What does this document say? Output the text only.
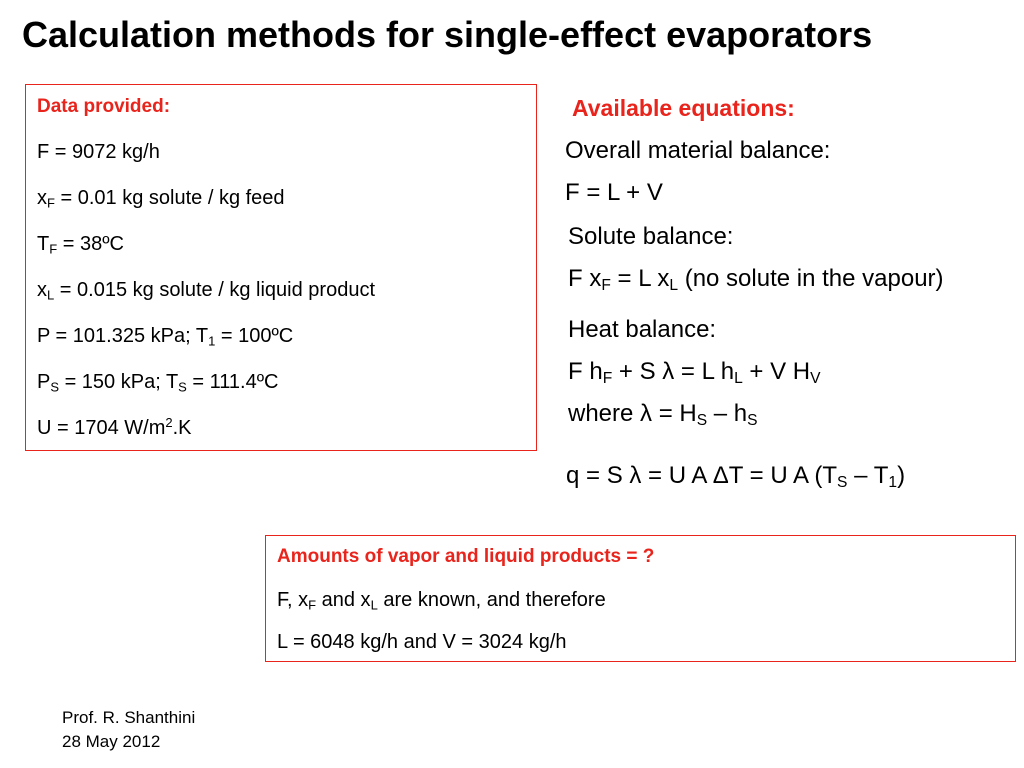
Calculation methods for single-effect evaporators
Data provided:
F = 9072 kg/h
$x_F = 0.01$ kg solute / kg feed
$T_F$ = 38ºC
$x_L = 0.015$ kg solute / kg liquid product
P = 101.325 kPa; $T_1$ = 100ºC
$P_S = 150$ kPa; $T_S$ = 111.4ºC
U = 1704 $W/m^2.K$
Available equations:
Overall material balance:
F = L + V
Solute balance:
F $x_F = L$ $x_L$ (no solute in the vapour)
Heat balance:
F $h_F + S$ λ = L $h_L + V$ $H_V$
where $\lambda = H_S - h_S$
q = S λ = U A ΔT = U A $(T_S - T_1)$
Amounts of vapor and liquid products = ?
F, $x_F$ and $x_L$ are known, and therefore
L = 6048 kg/h and V = 3024 kg/h
Prof. R. Shanthini
28 May 2012
